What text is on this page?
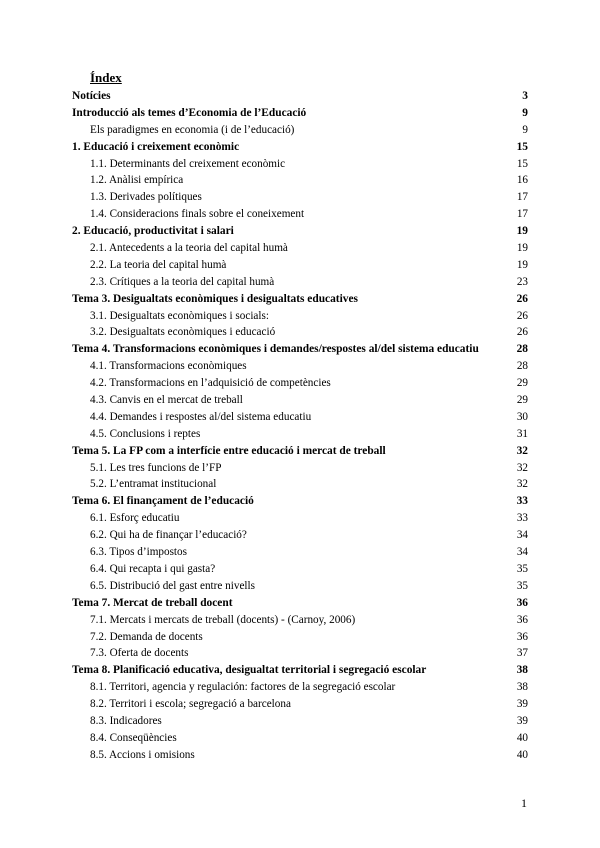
Índex
Notícies	3
Introducció als temes d’Economia de l’Educació	9
Els paradigmes en economia (i de l’educació)	9
1. Educació i creixement econòmic	15
1.1. Determinants del creixement econòmic	15
1.2. Anàlisi empírica	16
1.3. Derivades polítiques	17
1.4. Consideracions finals sobre el coneixement	17
2. Educació, productivitat i salari	19
2.1. Antecedents a la teoria del capital humà	19
2.2. La teoria del capital humà	19
2.3. Crítiques a la teoria del capital humà	23
Tema 3. Desigualtats econòmiques i desigualtats educatives	26
3.1. Desigualtats econòmiques i socials:	26
3.2. Desigualtats econòmiques i educació	26
Tema 4. Transformacions econòmiques i demandes/respostes al/del sistema educatiu	28
4.1. Transformacions econòmiques	28
4.2. Transformacions en l’adquisició de competències	29
4.3. Canvis en el mercat de treball	29
4.4. Demandes i respostes al/del sistema educatiu	30
4.5. Conclusions i reptes	31
Tema 5. La FP com a interfície entre educació i mercat de treball	32
5.1. Les tres funcions de l’FP	32
5.2. L’entramat institucional	32
Tema 6. El finançament de l’educació	33
6.1. Esforç educatiu	33
6.2. Qui ha de finançar l’educació?	34
6.3. Tipos d’impostos	34
6.4. Qui recapta i qui gasta?	35
6.5. Distribució del gast entre nivells	35
Tema 7. Mercat de treball docent	36
7.1. Mercats i mercats de treball (docents) - (Carnoy, 2006)	36
7.2. Demanda de docents	36
7.3. Oferta de docents	37
Tema 8. Planificació educativa, desigualtat territorial i segregació escolar	38
8.1. Territori, agencia y regulación: factores de la segregació escolar	38
8.2. Territori i escola; segregació a barcelona	39
8.3. Indicadores	39
8.4. Conseqüències	40
8.5. Accions i omisions	40
1
